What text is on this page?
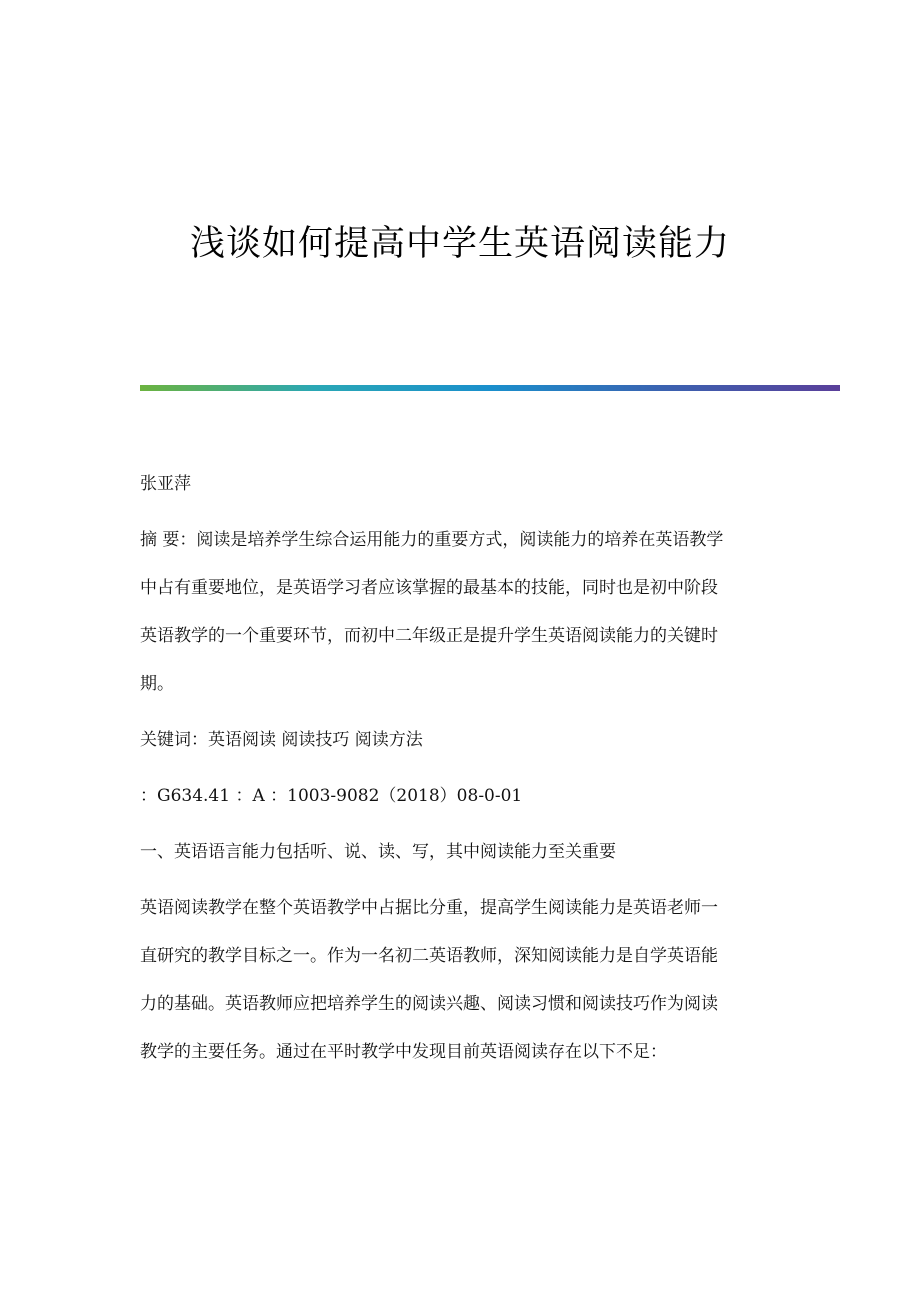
浅谈如何提高中学生英语阅读能力
张亚萍
摘 要：阅读是培养学生综合运用能力的重要方式，阅读能力的培养在英语教学
中占有重要地位，是英语学习者应该掌握的最基本的技能，同时也是初中阶段
英语教学的一个重要环节，而初中二年级正是提升学生英语阅读能力的关键时
期。
关键词：英语阅读 阅读技巧 阅读方法
：G634.41 ：A ：1003-9082（2018）08-0-01
一、英语语言能力包括听、说、读、写，其中阅读能力至关重要
英语阅读教学在整个英语教学中占据比分重，提高学生阅读能力是英语老师一
直研究的教学目标之一。作为一名初二英语教师，深知阅读能力是自学英语能
力的基础。英语教师应把培养学生的阅读兴趣、阅读习惯和阅读技巧作为阅读
教学的主要任务。通过在平时教学中发现目前英语阅读存在以下不足：
